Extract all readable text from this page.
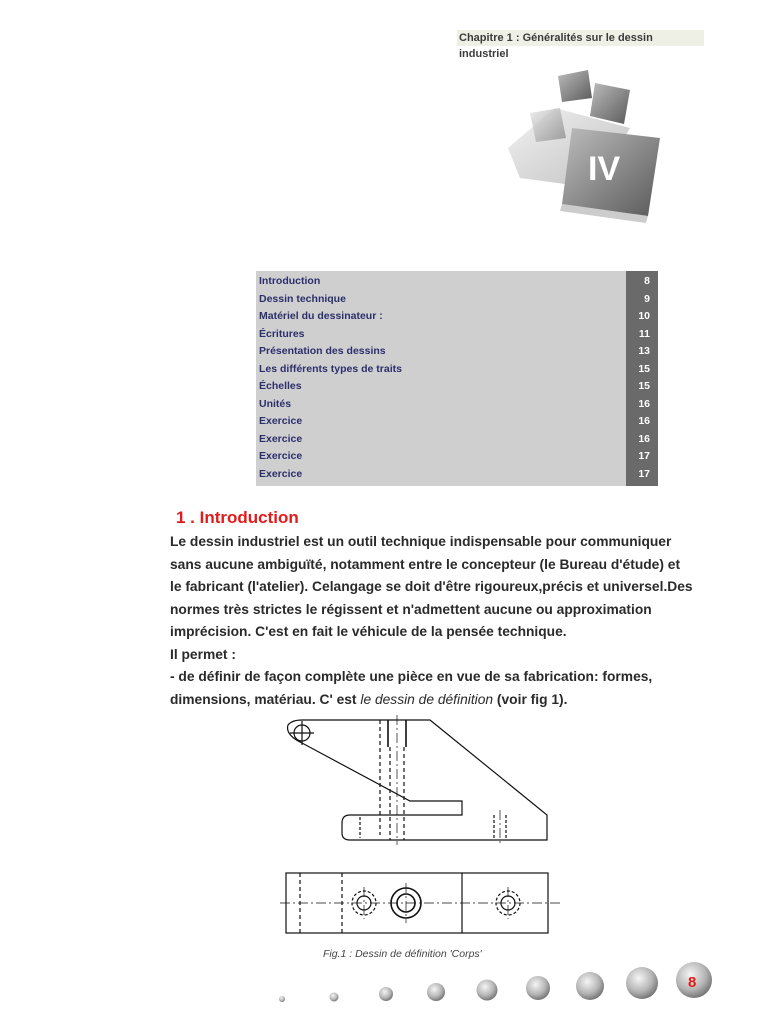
Chapitre 1 : Généralités sur le dessin industriel
IV
Introduction	8
Dessin technique	9
Matériel du dessinateur :	10
Écritures	11
Présentation des dessins	13
Les différents types de traits	15
Échelles	15
Unités	16
Exercice	16
Exercice	16
Exercice	17
Exercice	17
1 . Introduction
Le dessin industriel est un outil technique indispensable pour communiquer
sans aucune ambiguïté, notamment entre le concepteur (le Bureau d'étude) et
le fabricant (l'atelier). Celangage se doit d'être rigoureux,précis et universel.Des
normes très strictes le régissent et n'admettent aucune ou approximation
imprécision. C'est en fait le véhicule de la pensée technique.
Il permet :
- de définir de façon complète une pièce en vue de sa fabrication: formes,
dimensions, matériau. C' est le dessin de définition (voir fig 1).
Fig.1 : Dessin de définition 'Corps'
8
